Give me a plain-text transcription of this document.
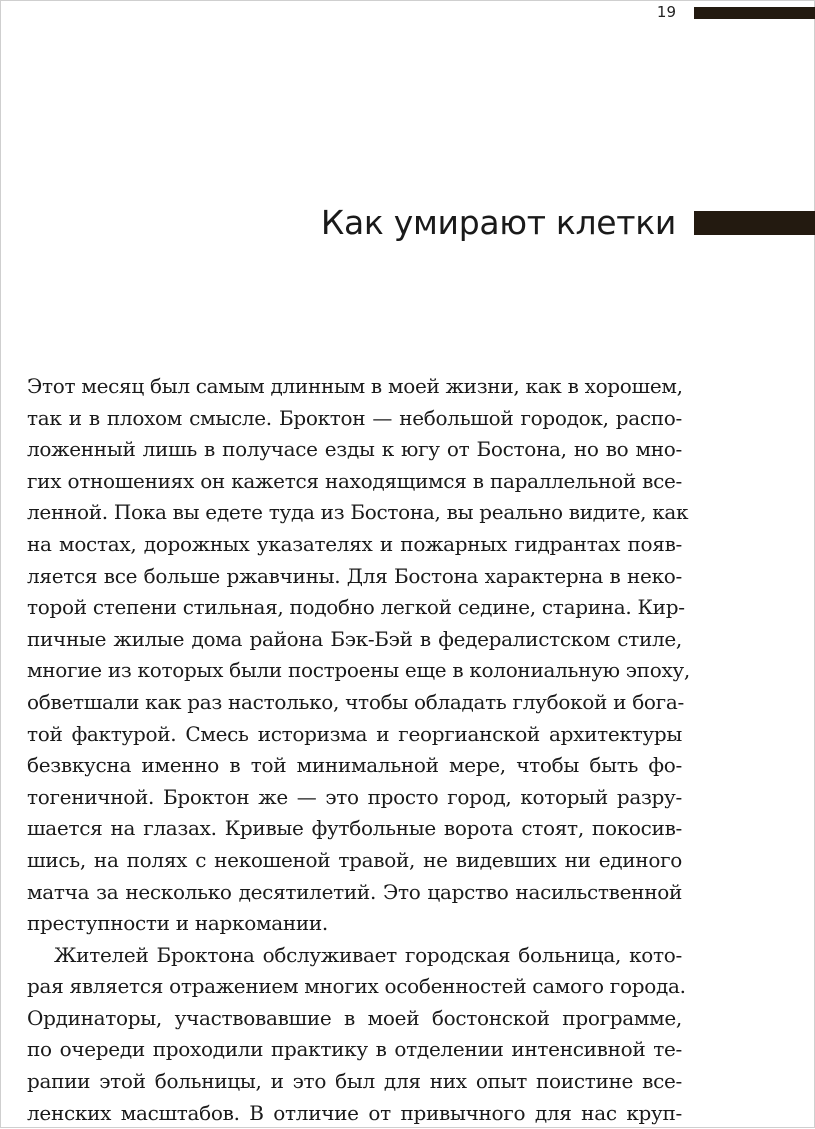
19
Как умирают клетки
Этот месяц был самым длинным в моей жизни, как в хорошем,
так и в плохом смысле. Броктон — небольшой городок, распо-
ложенный лишь в получасе езды к югу от Бостона, но во мно-
гих отношениях он кажется находящимся в параллельной все-
ленной. Пока вы едете туда из Бостона, вы реально видите, как
на мостах, дорожных указателях и пожарных гидрантах появ-
ляется все больше ржавчины. Для Бостона характерна в неко-
торой степени стильная, подобно легкой седине, старина. Кир-
пичные жилые дома района Бэк-Бэй в федералистском стиле,
многие из которых были построены еще в колониальную эпоху,
обветшали как раз настолько, чтобы обладать глубокой и бога-
той фактурой. Смесь историзма и георгианской архитектуры
безвкусна именно в той минимальной мере, чтобы быть фо-
тогеничной. Броктон же — это просто город, который разру-
шается на глазах. Кривые футбольные ворота стоят, покосив-
шись, на полях с некошеной травой, не видевших ни единого
матча за несколько десятилетий. Это царство насильственной
преступности и наркомании.
Жителей Броктона обслуживает городская больница, кото-
рая является отражением многих особенностей самого города.
Ординаторы, участвовавшие в моей бостонской программе,
по очереди проходили практику в отделении интенсивной те-
рапии этой больницы, и это был для них опыт поистине все-
ленских масштабов. В отличие от привычного для нас круп-
